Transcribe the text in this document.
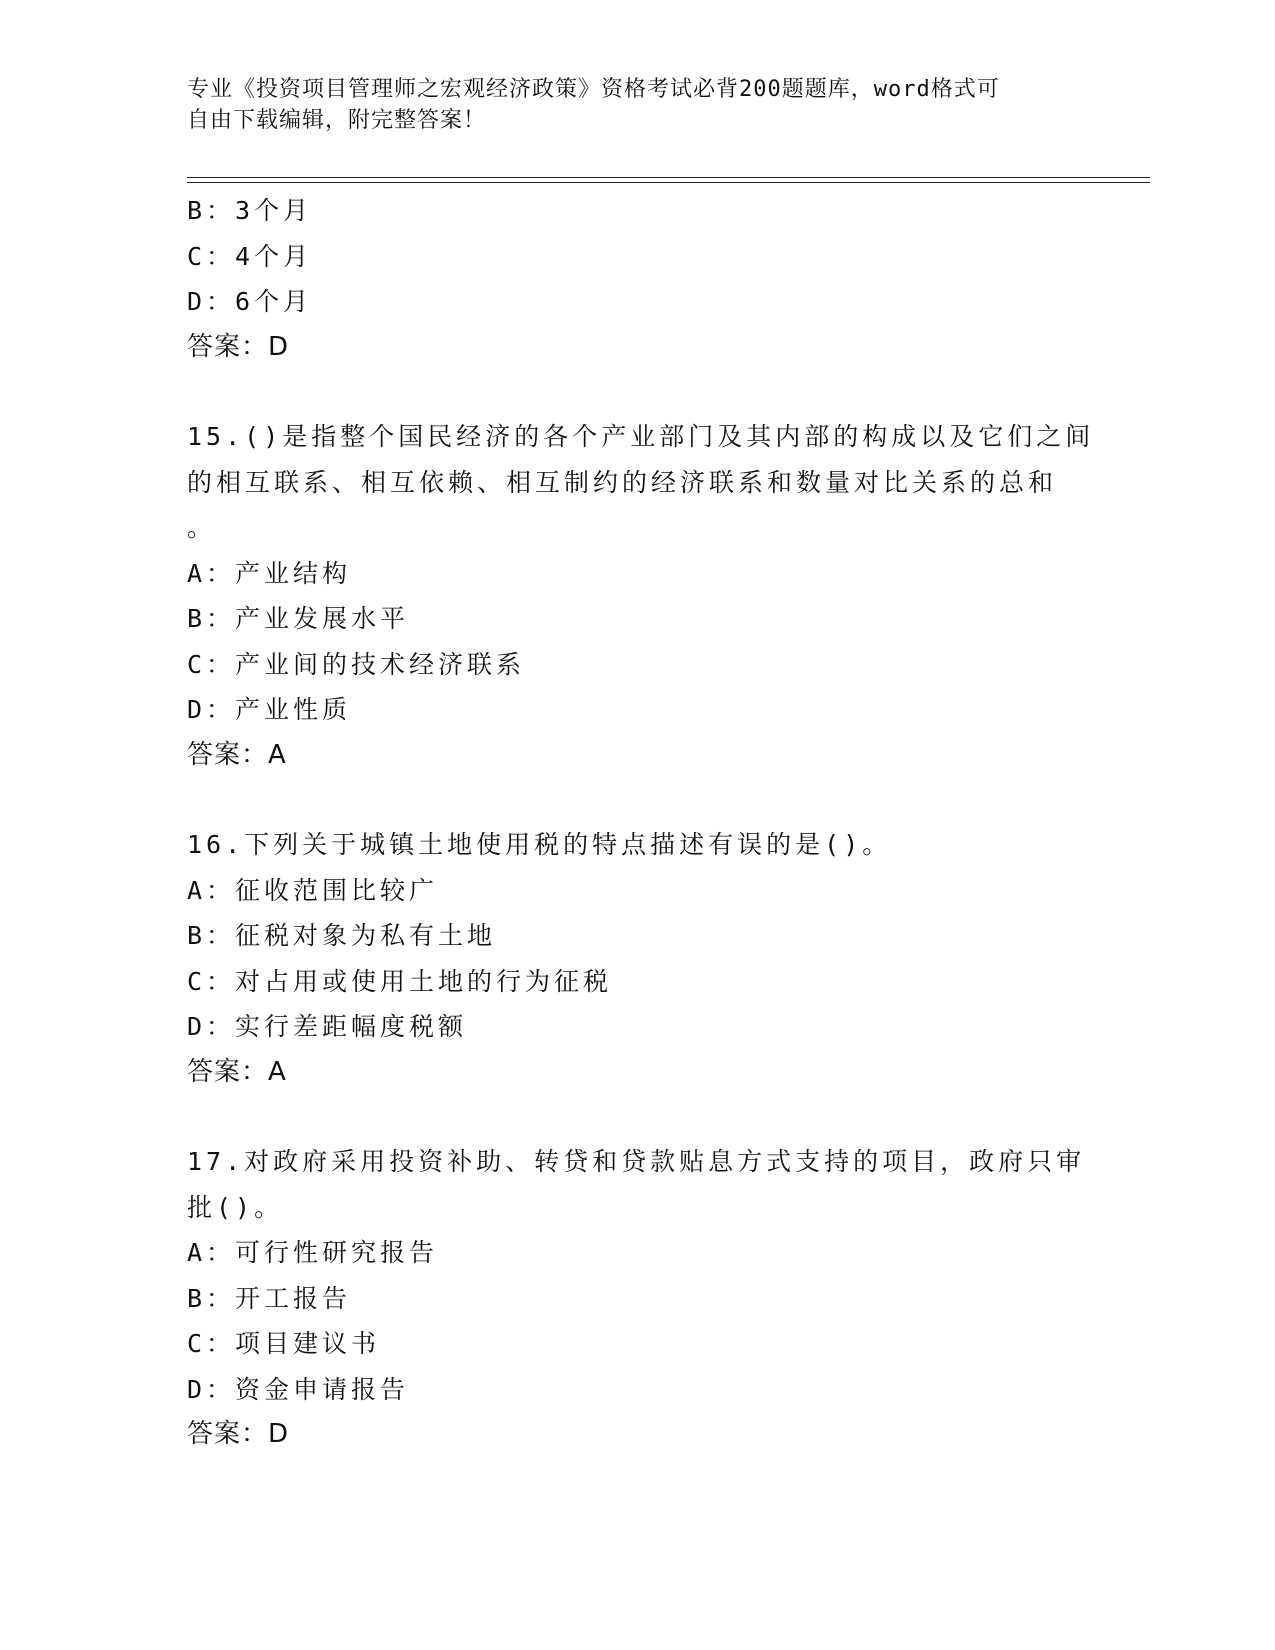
专业《投资项目管理师之宏观经济政策》资格考试必背200题题库，word格式可
自由下载编辑，附完整答案！
B：3个月
C：4个月
D：6个月
答案：D
15.()是指整个国民经济的各个产业部门及其内部的构成以及它们之间
的相互联系、相互依赖、相互制约的经济联系和数量对比关系的总和
。
A：产业结构
B：产业发展水平
C：产业间的技术经济联系
D：产业性质
答案：A
16.下列关于城镇土地使用税的特点描述有误的是()。
A：征收范围比较广
B：征税对象为私有土地
C：对占用或使用土地的行为征税
D：实行差距幅度税额
答案：A
17.对政府采用投资补助、转贷和贷款贴息方式支持的项目，政府只审
批()。
A：可行性研究报告
B：开工报告
C：项目建议书
D：资金申请报告
答案：D
